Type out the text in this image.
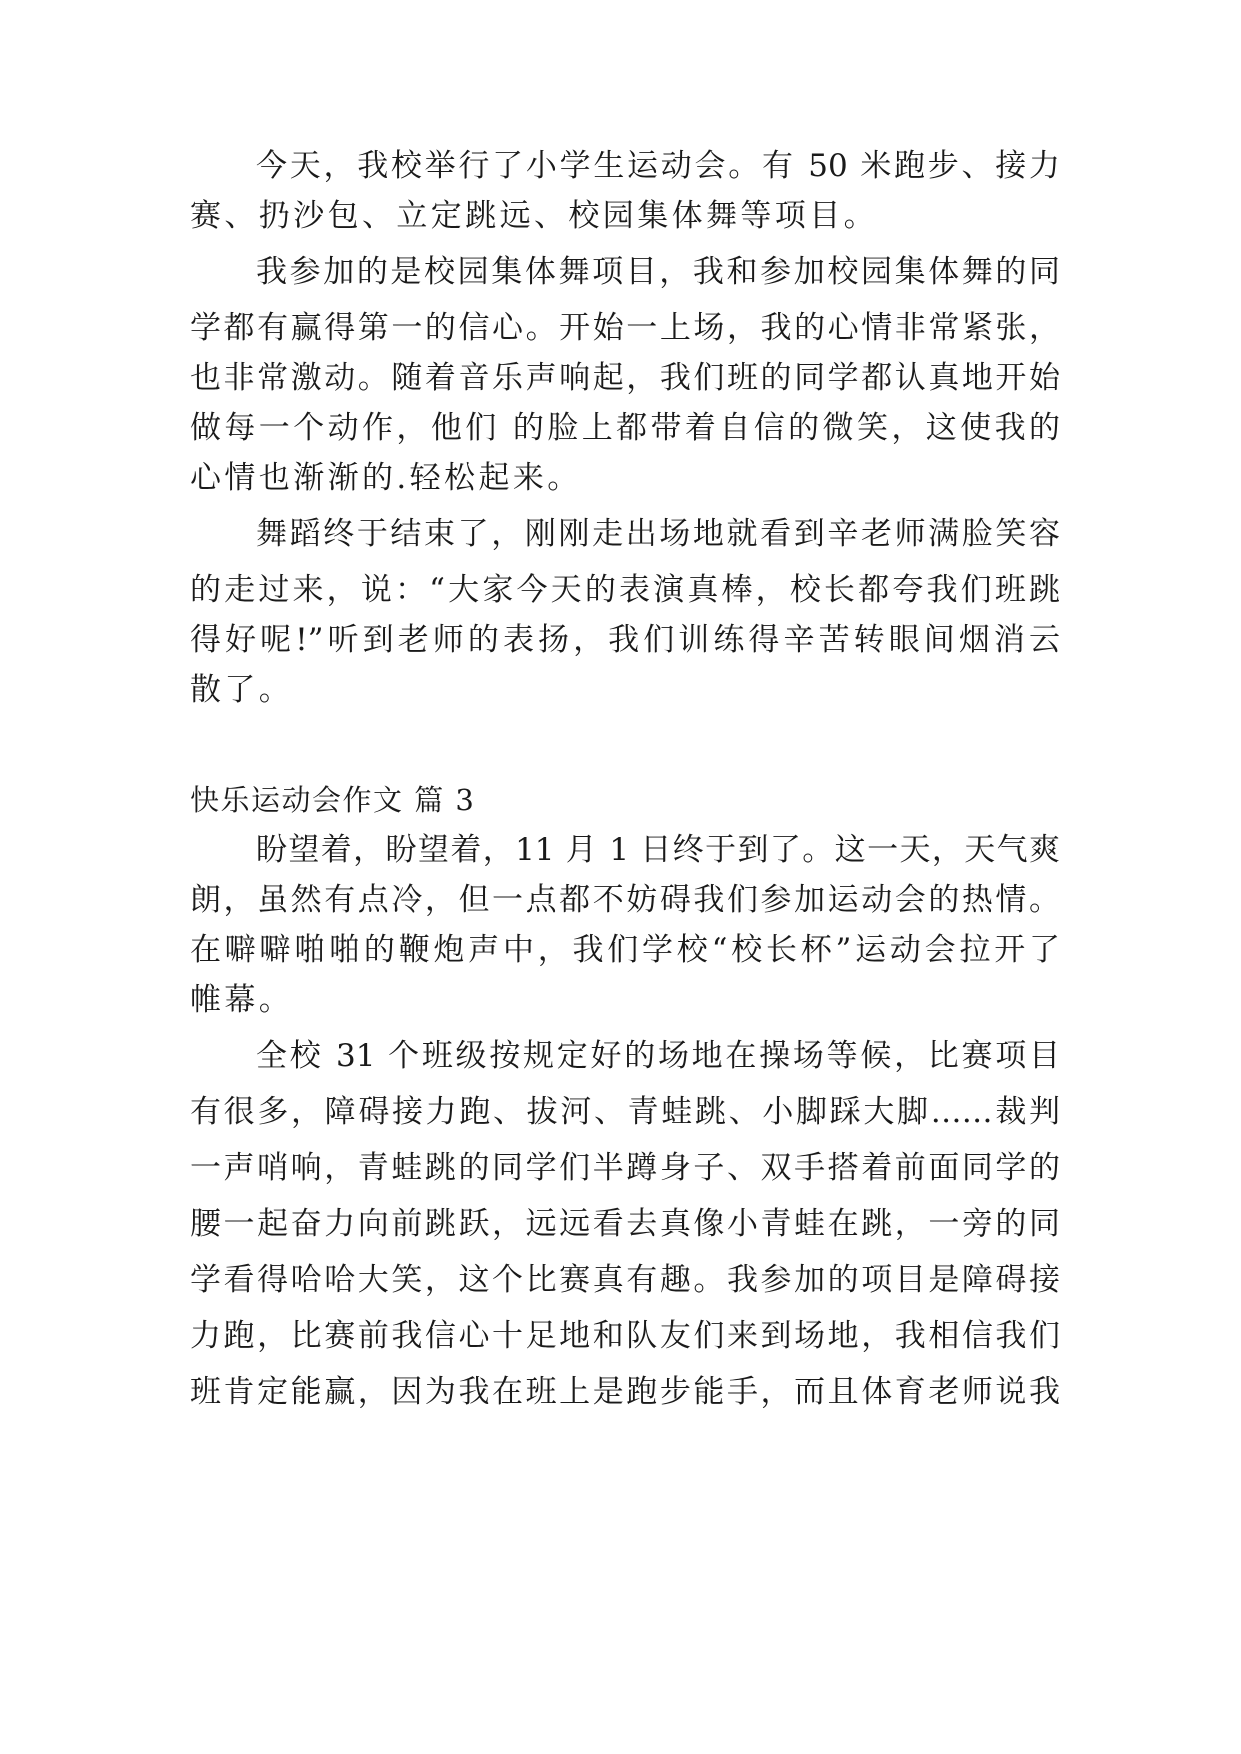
今天，我校举行了小学生运动会。有 50 米跑步、接力
赛、扔沙包、立定跳远、校园集体舞等项目。
我参加的是校园集体舞项目，我和参加校园集体舞的同
学都有赢得第一的信心。开始一上场，我的心情非常紧张，
也非常激动。随着音乐声响起，我们班的同学都认真地开始
做每一个动作，他们 的脸上都带着自信的微笑，这使我的
心情也渐渐的.轻松起来。
舞蹈终于结束了，刚刚走出场地就看到辛老师满脸笑容
的走过来，说：“大家今天的表演真棒，校长都夸我们班跳
得好呢!”听到老师的表扬，我们训练得辛苦转眼间烟消云
散了。
快乐运动会作文 篇 3
盼望着，盼望着，11 月 1 日终于到了。这一天，天气爽
朗，虽然有点冷，但一点都不妨碍我们参加运动会的热情。
在噼噼啪啪的鞭炮声中，我们学校“校长杯”运动会拉开了
帷幕。
全校 31 个班级按规定好的场地在操场等候，比赛项目
有很多，障碍接力跑、拔河、青蛙跳、小脚踩大脚……裁判
一声哨响，青蛙跳的同学们半蹲身子、双手搭着前面同学的
腰一起奋力向前跳跃，远远看去真像小青蛙在跳，一旁的同
学看得哈哈大笑，这个比赛真有趣。我参加的项目是障碍接
力跑，比赛前我信心十足地和队友们来到场地，我相信我们
班肯定能赢，因为我在班上是跑步能手，而且体育老师说我
